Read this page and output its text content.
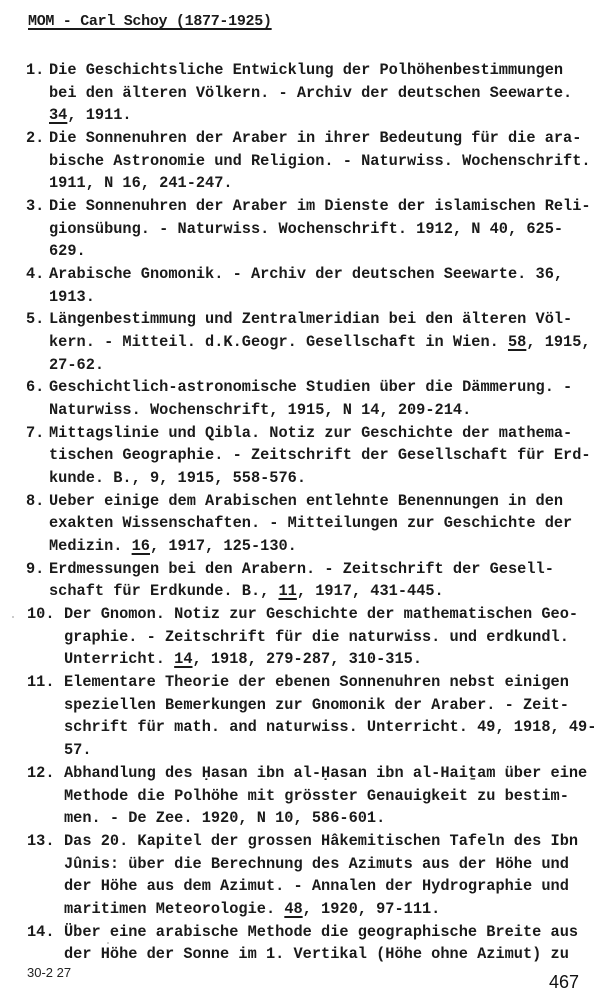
MOM - Carl Schoy (1877-1925)
1. Die Geschichtsliche Entwicklung der Polhöhenbestimmungen
bei den älteren Völkern. - Archiv der deutschen Seewarte.
34, 1911.
2. Die Sonnenuhren der Araber in ihrer Bedeutung für die ara-
bische Astronomie und Religion. - Naturwiss. Wochenschrift.
1911, N 16, 241-247.
3. Die Sonnenuhren der Araber im Dienste der islamischen Reli-
gionsübung. - Naturwiss. Wochenschrift. 1912, N 40, 625-
629.
4. Arabische Gnomonik. - Archiv der deutschen Seewarte. 36,
1913.
5. Längenbestimmung und Zentralmeridian bei den älteren Völ-
kern. - Mitteil. d.K.Geogr. Gesellschaft in Wien. 58, 1915,
27-62.
6. Geschichtlich-astronomische Studien über die Dämmerung. -
Naturwiss. Wochenschrift, 1915, N 14, 209-214.
7. Mittagslinie und Qibla. Notiz zur Geschichte der mathema-
tischen Geographie. - Zeitschrift der Gesellschaft für Erd-
kunde. B., 9, 1915, 558-576.
8. Ueber einige dem Arabischen entlehnte Benennungen in den
exakten Wissenschaften. - Mitteilungen zur Geschichte der
Medizin. 16, 1917, 125-130.
9. Erdmessungen bei den Arabern. - Zeitschrift der Gesell-
schaft für Erdkunde. B., 11, 1917, 431-445.
10. Der Gnomon. Notiz zur Geschichte der mathematischen Geo-
graphie. - Zeitschrift für die naturwiss. und erdkundl.
Unterricht. 14, 1918, 279-287, 310-315.
11. Elementare Theorie der ebenen Sonnenuhren nebst einigen
speziellen Bemerkungen zur Gnomonik der Araber. - Zeit-
schrift für math. and naturwiss. Unterricht. 49, 1918, 49-
57.
12. Abhandlung des Ḥasan ibn al-Ḥasan ibn al-Haiṯam über eine
Methode die Polhöhe mit grösster Genauigkeit zu bestim-
men. - De Zee. 1920, N 10, 586-601.
13. Das 20. Kapitel der grossen Hâkemitischen Tafeln des Ibn
Jûnis: über die Berechnung des Azimuts aus der Höhe und
der Höhe aus dem Azimut. - Annalen der Hydrographie und
maritimen Meteorologie. 48, 1920, 97-111.
14. Über eine arabische Methode die geographische Breite aus
der Höhe der Sonne im 1. Vertikal (Höhe ohne Azimut) zu
30-2 27	467
